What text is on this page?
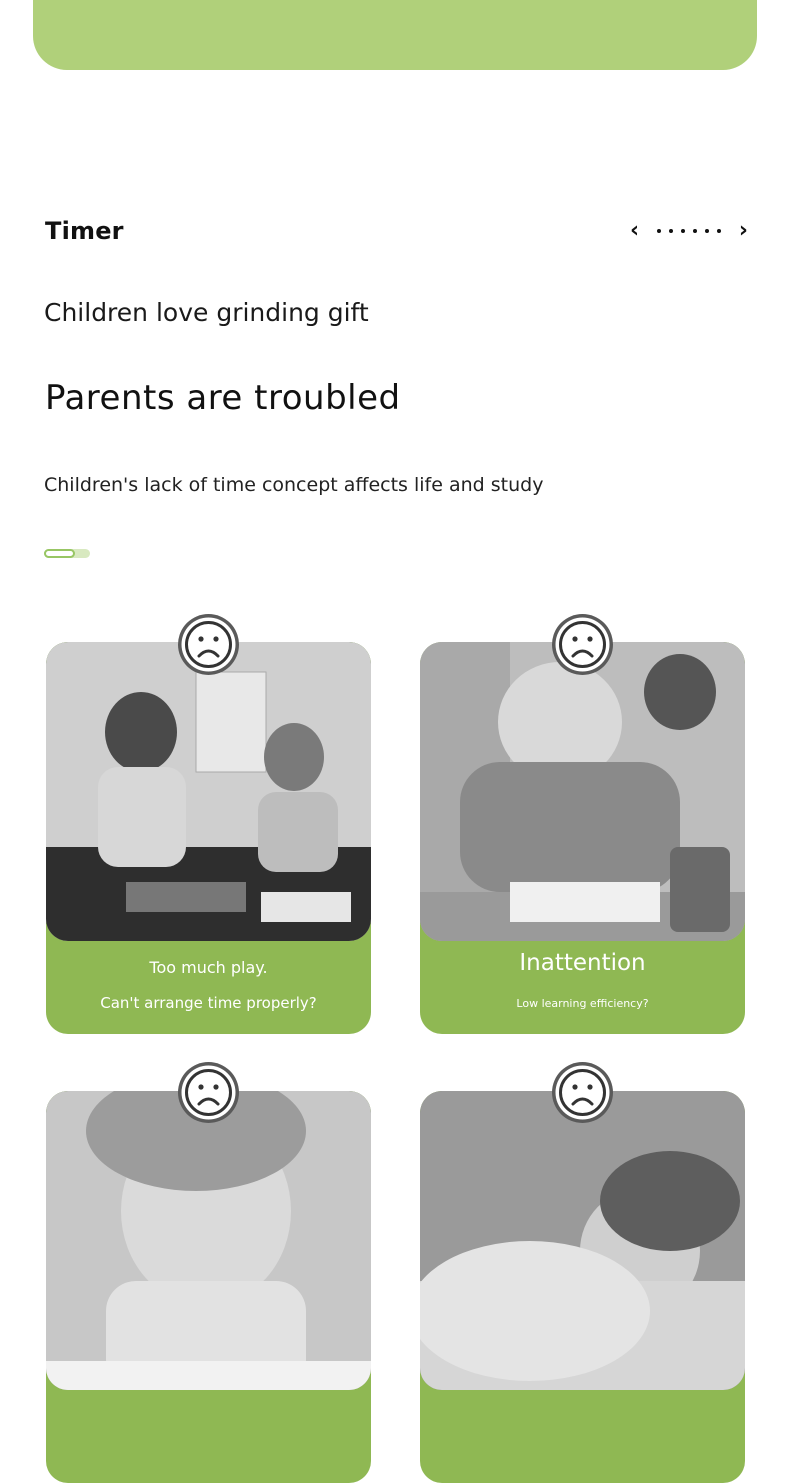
Timer	‹	›
Children love grinding gift
Parents are troubled
Children's lack of time concept affects life and study
Too much play.
Can't arrange time properly?
Inattention
Low learning efficiency?
